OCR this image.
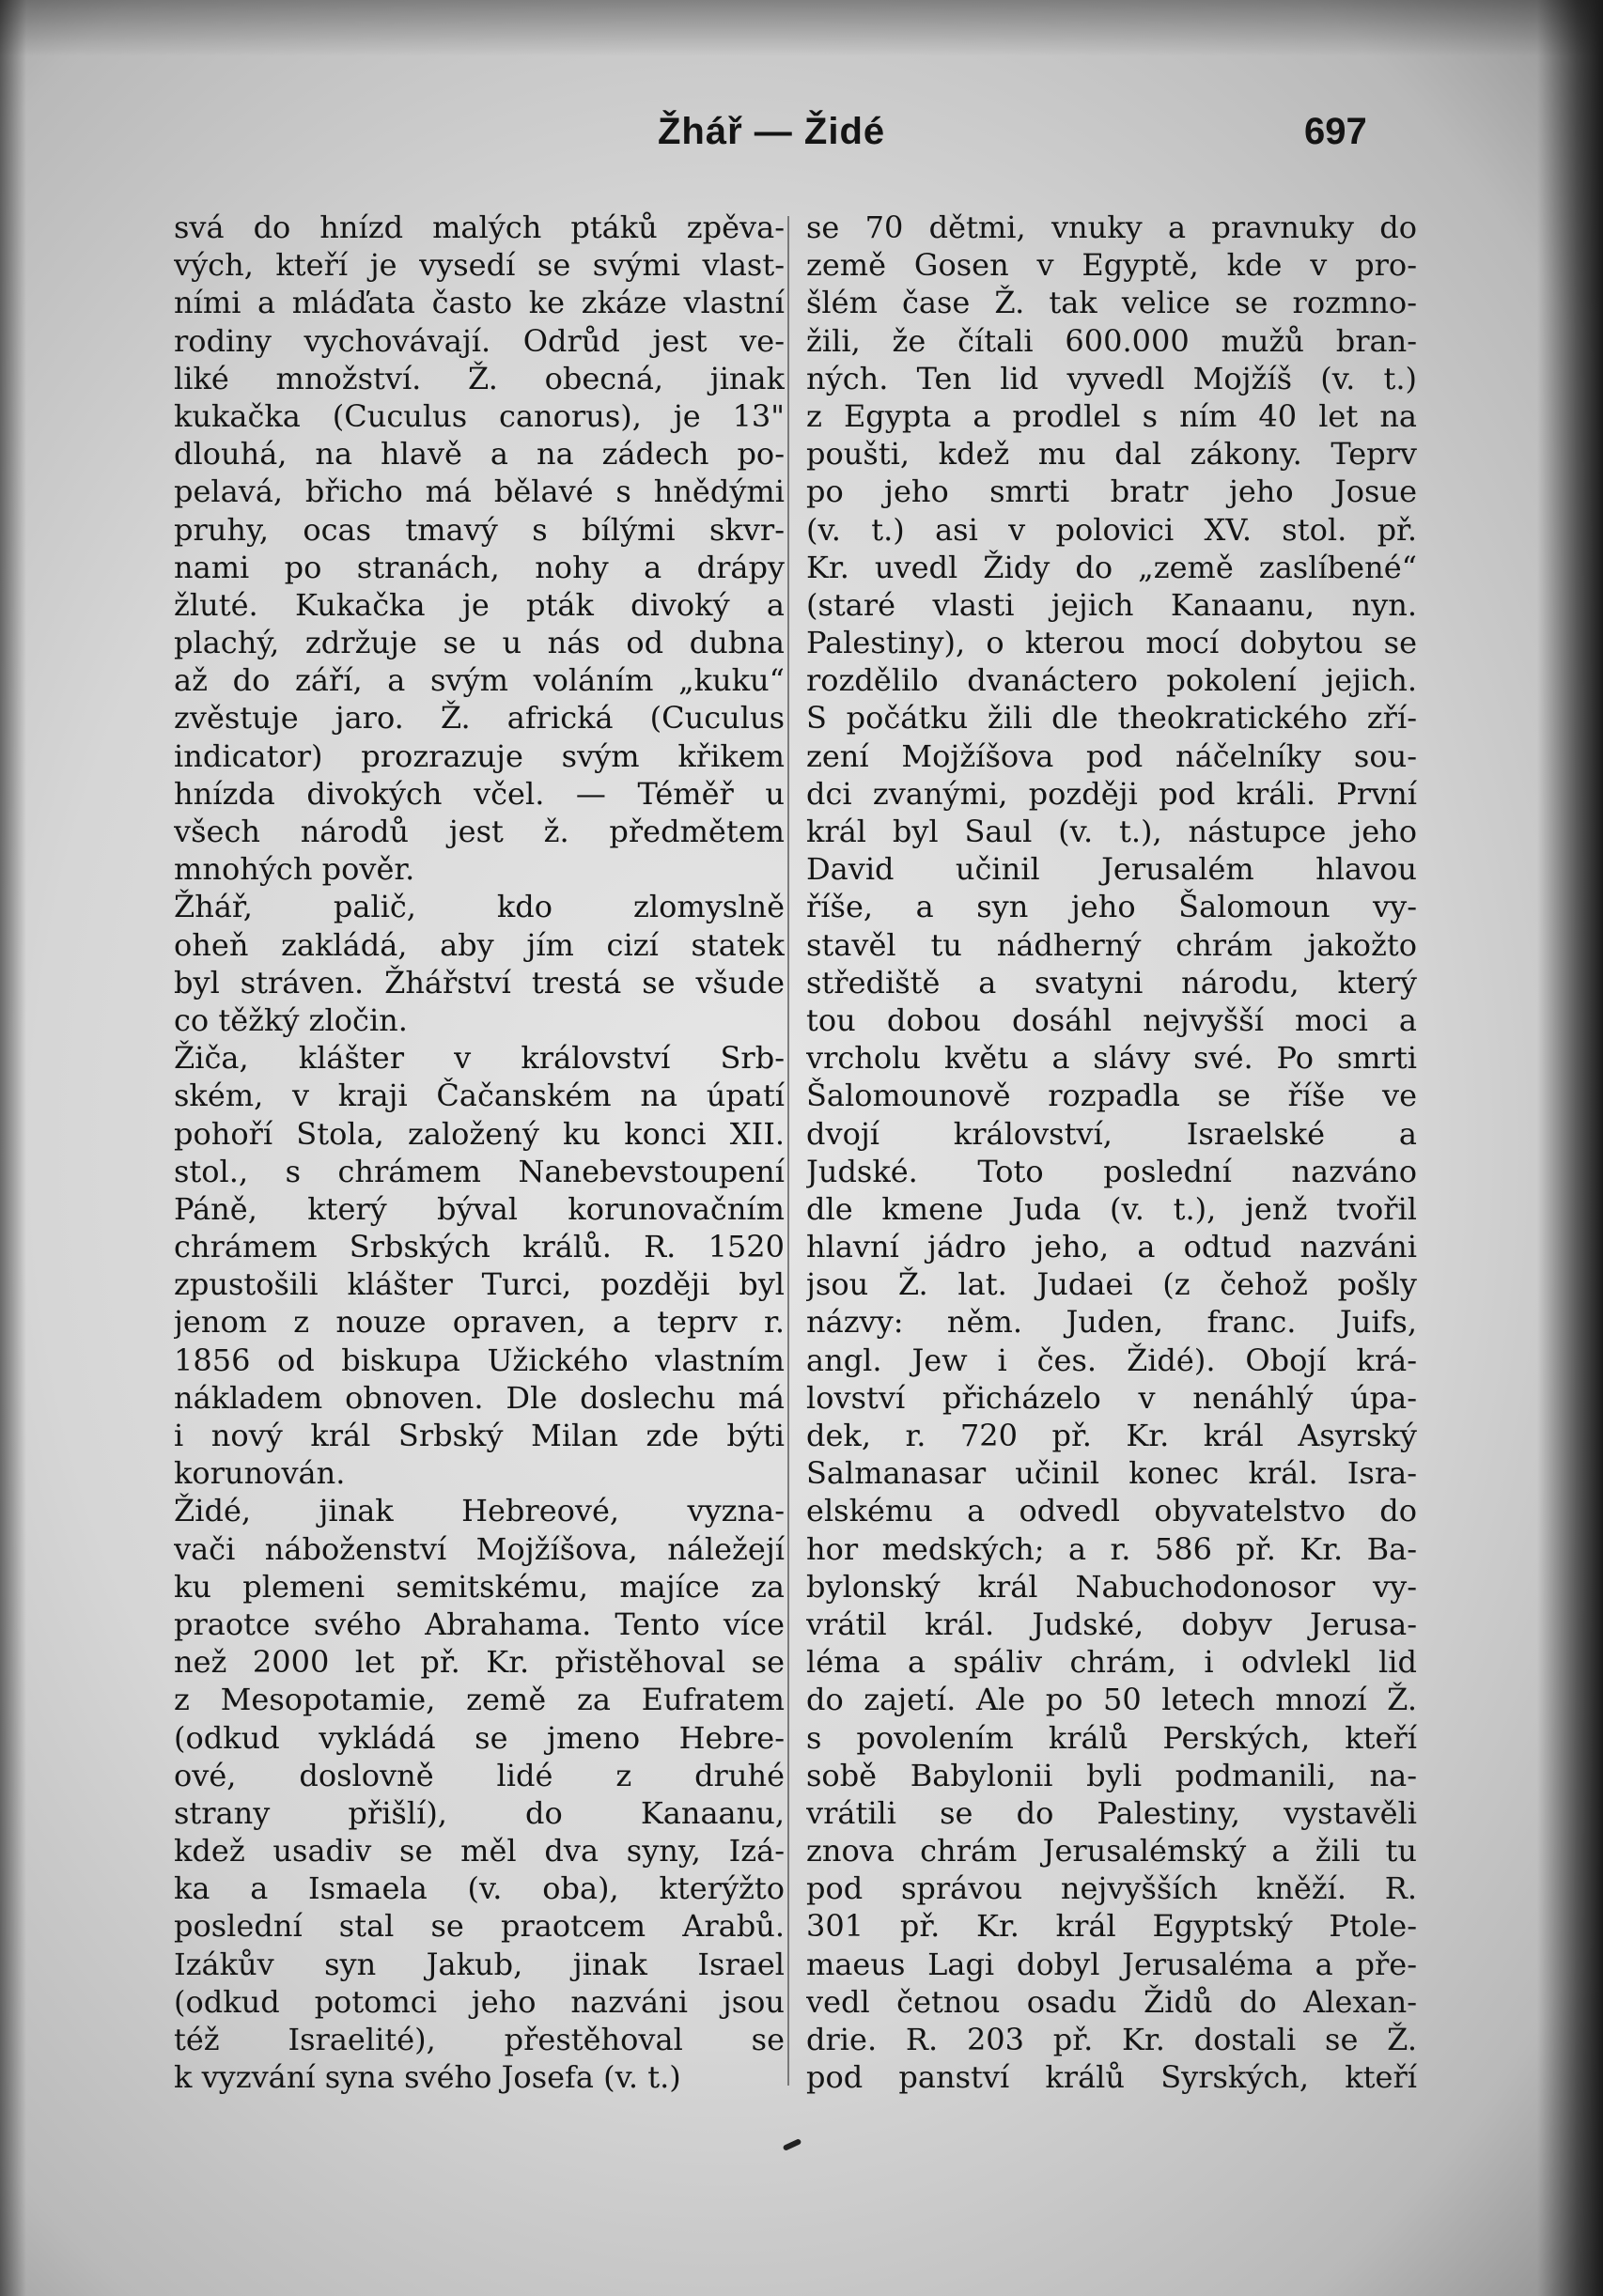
Žhář — Židé	697
svá do hnízd malých ptáků zpěva-
vých, kteří je vysedí se svými vlast-
ními a mláďata často ke zkáze vlastní
rodiny vychovávají. Odrůd jest ve-
liké množství. Ž. obecná, jinak
kukačka (Cuculus canorus), je 13"
dlouhá, na hlavě a na zádech po-
pelavá, břicho má bělavé s hnědými
pruhy, ocas tmavý s bílými skvr-
nami po stranách, nohy a drápy
žluté. Kukačka je pták divoký a
plachý, zdržuje se u nás od dubna
až do září, a svým voláním „kuku“
zvěstuje jaro. Ž. africká (Cuculus
indicator) prozrazuje svým křikem
hnízda divokých včel. — Téměř u
všech národů jest ž. předmětem
mnohých pověr.
Žhář, palič, kdo zlomyslně
oheň zakládá, aby jím cizí statek
byl stráven. Žhářství trestá se všude
co těžký zločin.
Žiča, klášter v království Srb-
ském, v kraji Čačanském na úpatí
pohoří Stola, založený ku konci XII.
stol., s chrámem Nanebevstoupení
Páně, který býval korunovačním
chrámem Srbských králů. R. 1520
zpustošili klášter Turci, později byl
jenom z nouze opraven, a teprv r.
1856 od biskupa Užického vlastním
nákladem obnoven. Dle doslechu má
i nový král Srbský Milan zde býti
korunován.
Židé, jinak Hebreové, vyzna-
vači náboženství Mojžíšova, náležejí
ku plemeni semitskému, majíce za
praotce svého Abrahama. Tento více
než 2000 let př. Kr. přistěhoval se
z Mesopotamie, země za Eufratem
(odkud vykládá se jmeno Hebre-
ové, doslovně lidé z druhé
strany přišlí), do Kanaanu,
kdež usadiv se měl dva syny, Izá-
ka a Ismaela (v. oba), kterýžto
poslední stal se praotcem Arabů.
Izákův syn Jakub, jinak Israel
(odkud potomci jeho nazváni jsou
též Israelité), přestěhoval se
k vyzvání syna svého Josefa (v. t.)
se 70 dětmi, vnuky a pravnuky do
země Gosen v Egyptě, kde v pro-
šlém čase Ž. tak velice se rozmno-
žili, že čítali 600.000 mužů bran-
ných. Ten lid vyvedl Mojžíš (v. t.)
z Egypta a prodlel s ním 40 let na
poušti, kdež mu dal zákony. Teprv
po jeho smrti bratr jeho Josue
(v. t.) asi v polovici XV. stol. př.
Kr. uvedl Židy do „země zaslíbené“
(staré vlasti jejich Kanaanu, nyn.
Palestiny), o kterou mocí dobytou se
rozdělilo dvanáctero pokolení jejich.
S počátku žili dle theokratického zří-
zení Mojžíšova pod náčelníky sou-
dci zvanými, později pod králi. První
král byl Saul (v. t.), nástupce jeho
David učinil Jerusalém hlavou
říše, a syn jeho Šalomoun vy-
stavěl tu nádherný chrám jakožto
střediště a svatyni národu, který
tou dobou dosáhl nejvyšší moci a
vrcholu květu a slávy své. Po smrti
Šalomounově rozpadla se říše ve
dvojí království, Israelské a
Judské. Toto poslední nazváno
dle kmene Juda (v. t.), jenž tvořil
hlavní jádro jeho, a odtud nazváni
jsou Ž. lat. Judaei (z čehož pošly
názvy: něm. Juden, franc. Juifs,
angl. Jew i čes. Židé). Obojí krá-
lovství přicházelo v nenáhlý úpa-
dek, r. 720 př. Kr. král Asyrský
Salmanasar učinil konec král. Isra-
elskému a odvedl obyvatelstvo do
hor medských; a r. 586 př. Kr. Ba-
bylonský král Nabuchodonosor vy-
vrátil král. Judské, dobyv Jerusa-
léma a spáliv chrám, i odvlekl lid
do zajetí. Ale po 50 letech mnozí Ž.
s povolením králů Perských, kteří
sobě Babylonii byli podmanili, na-
vrátili se do Palestiny, vystavěli
znova chrám Jerusalémský a žili tu
pod správou nejvyšších kněží. R.
301 př. Kr. král Egyptský Ptole-
maeus Lagi dobyl Jerusaléma a pře-
vedl četnou osadu Židů do Alexan-
drie. R. 203 př. Kr. dostali se Ž.
pod panství králů Syrských, kteří
